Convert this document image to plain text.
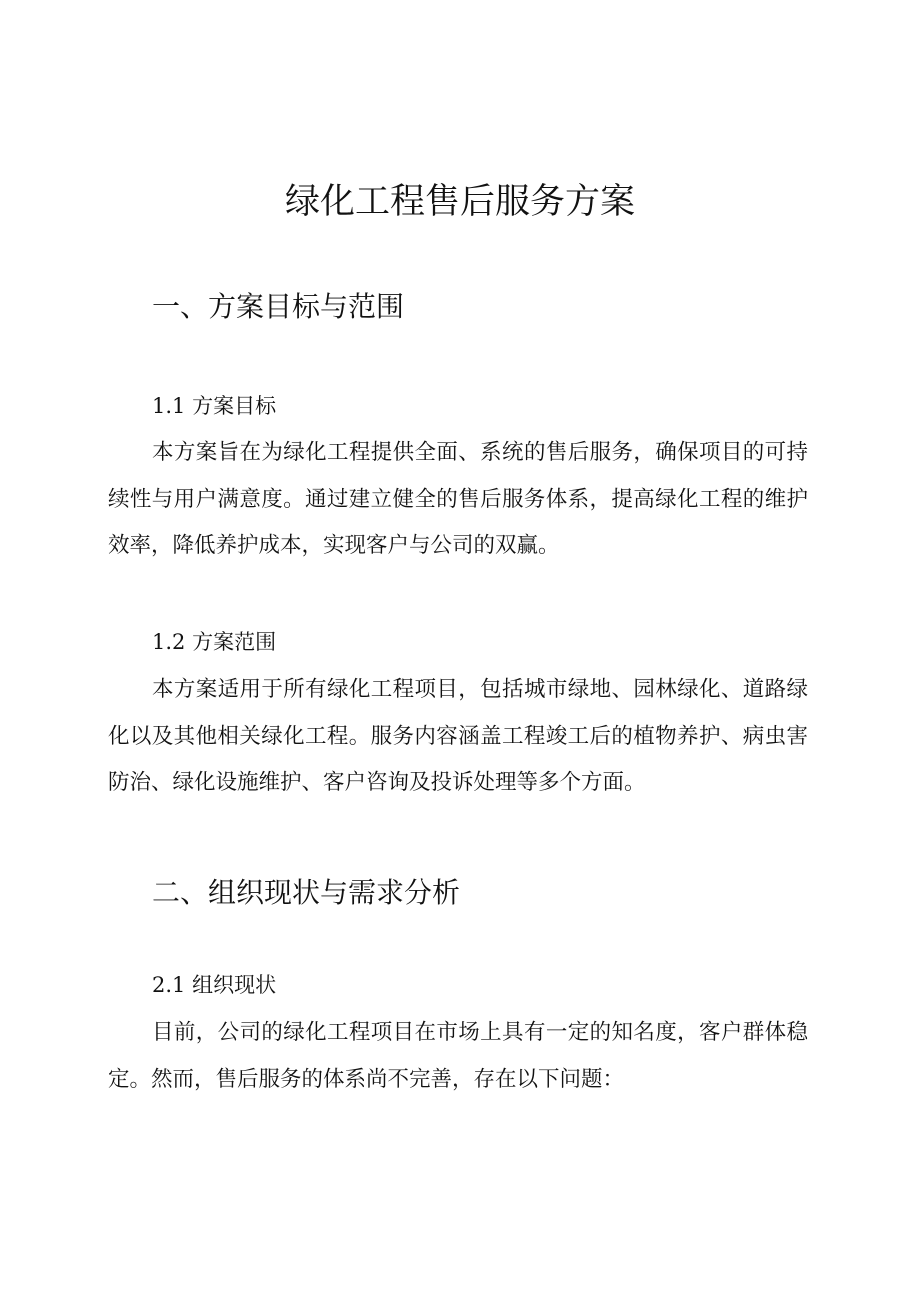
绿化工程售后服务方案
一、方案目标与范围
1.1 方案目标

本方案旨在为绿化工程提供全面、系统的售后服务，确保项目的可持续性与用户满意度。通过建立健全的售后服务体系，提高绿化工程的维护效率，降低养护成本，实现客户与公司的双赢。

1.2 方案范围

本方案适用于所有绿化工程项目，包括城市绿地、园林绿化、道路绿化以及其他相关绿化工程。服务内容涵盖工程竣工后的植物养护、病虫害防治、绿化设施维护、客户咨询及投诉处理等多个方面。

二、组织现状与需求分析
2.1 组织现状

目前，公司的绿化工程项目在市场上具有一定的知名度，客户群体稳定。然而，售后服务的体系尚不完善，存在以下问题：
